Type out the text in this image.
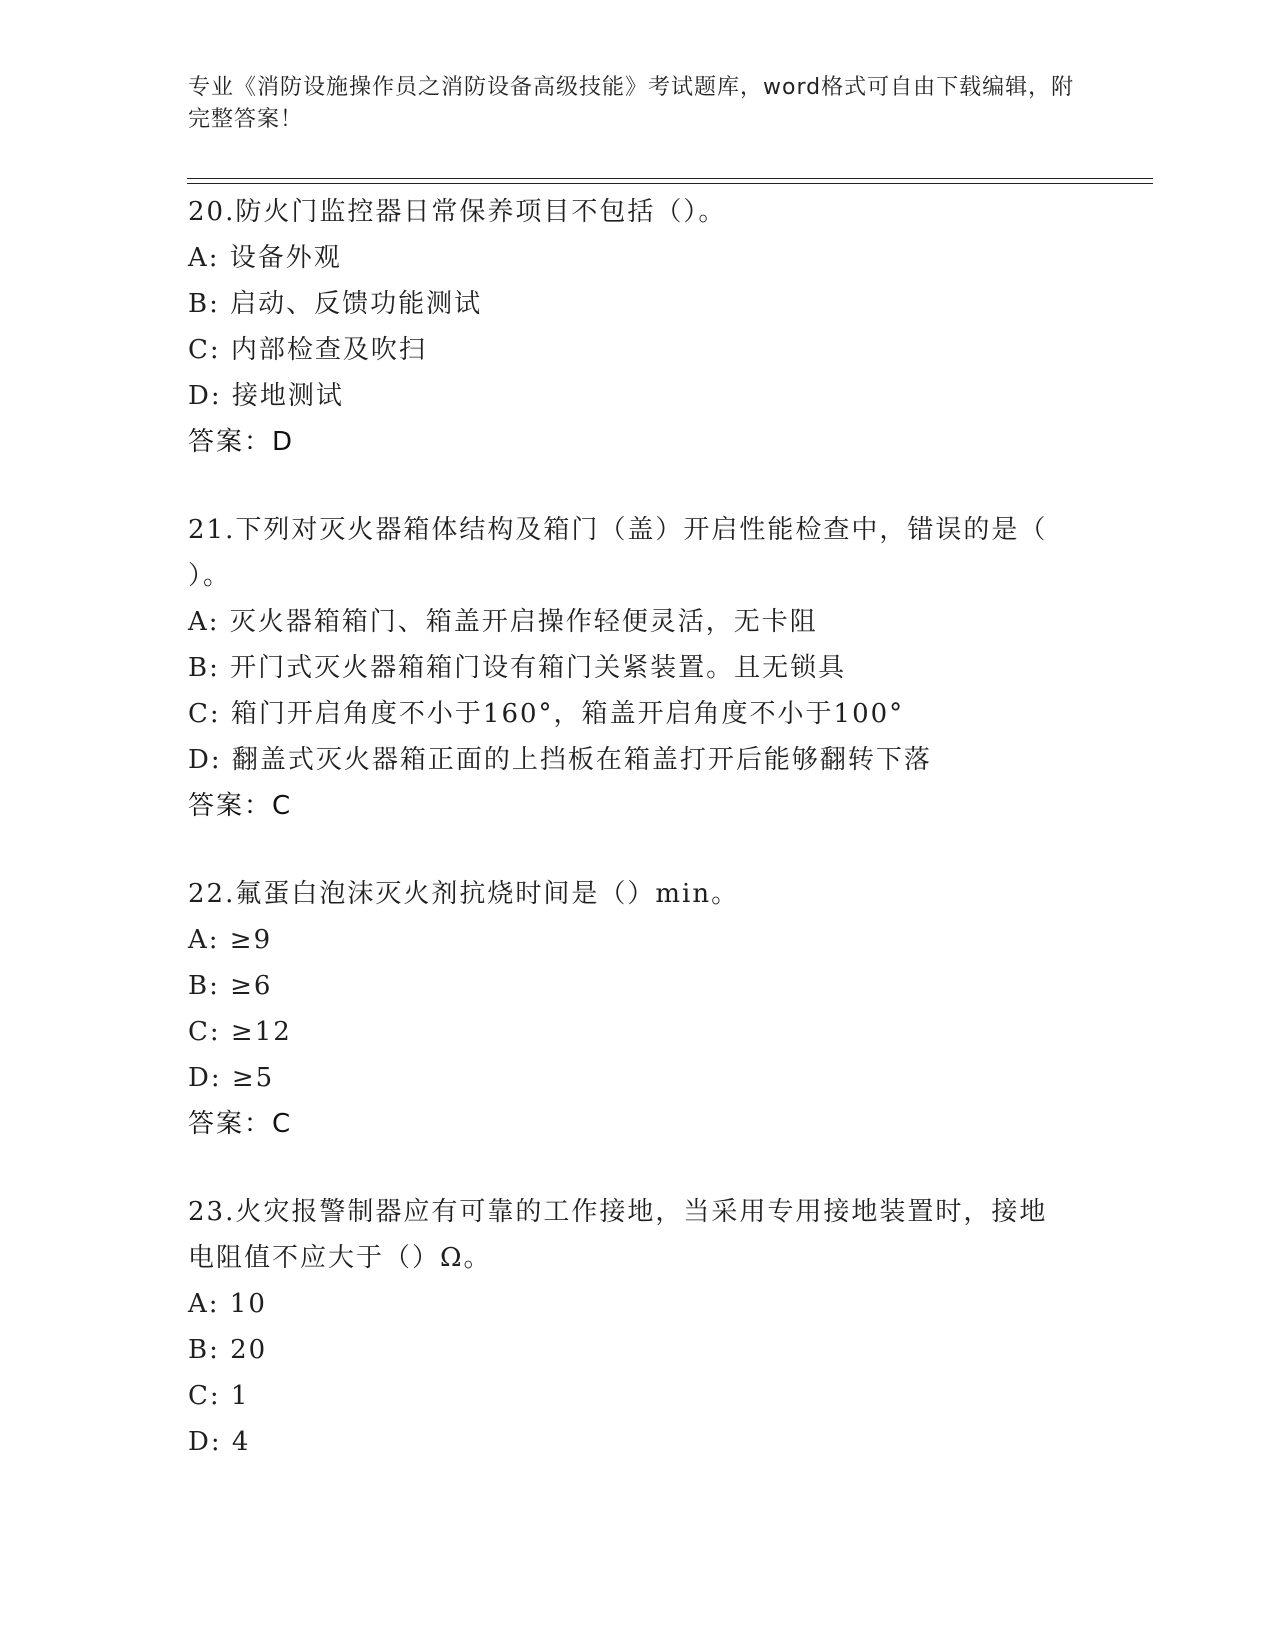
专业《消防设施操作员之消防设备高级技能》考试题库，word格式可自由下载编辑，附完整答案！
20.防火门监控器日常保养项目不包括（）。
A: 设备外观
B: 启动、反馈功能测试
C: 内部检查及吹扫
D: 接地测试
答案：D
21.下列对灭火器箱体结构及箱门（盖）开启性能检查中，错误的是（
）。
A: 灭火器箱箱门、箱盖开启操作轻便灵活，无卡阻
B: 开门式灭火器箱箱门设有箱门关紧装置。且无锁具
C: 箱门开启角度不小于160°，箱盖开启角度不小于100°
D: 翻盖式灭火器箱正面的上挡板在箱盖打开后能够翻转下落
答案：C
22.氟蛋白泡沫灭火剂抗烧时间是（）min。
A: ≥9
B: ≥6
C: ≥12
D: ≥5
答案：C
23.火灾报警制器应有可靠的工作接地，当采用专用接地装置时，接地
电阻值不应大于（）Ω。
A: 10
B: 20
C: 1
D: 4
